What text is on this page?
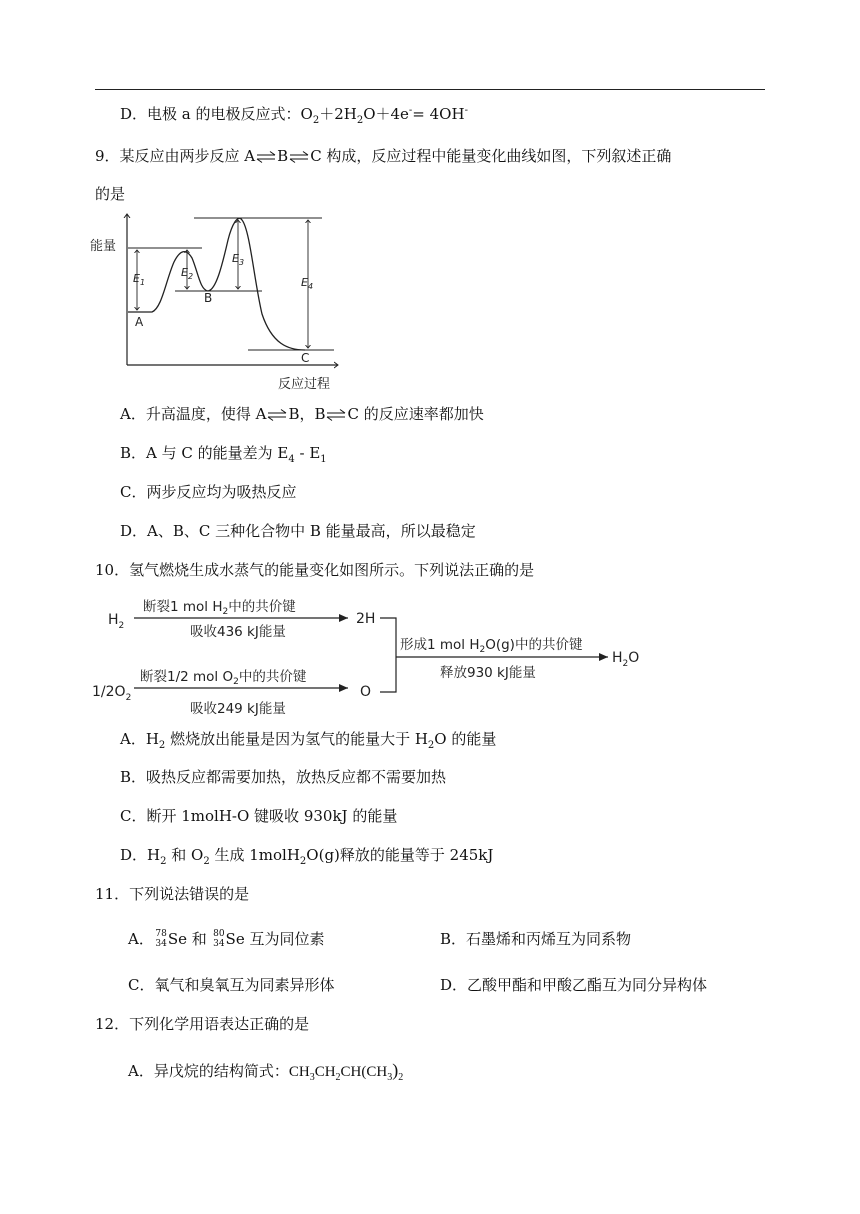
D．电极 a 的电极反应式：$O_2+2H_2O+4e^-= 4OH^-$
9．某反应由两步反应 A⇌B⇌C 构成，反应过程中能量变化曲线如图，下列叙述正确
的是
能量
反应过程
A
B
C
$E_1$
$E_2$
$E_3$
$E_4$
A．升高温度，使得 A⇌B，B⇌C 的反应速率都加快
B．A 与 C 的能量差为 $E_4 - E_1$
C．两步反应均为吸热反应
D．A、B、C 三种化合物中 B 能量最高，所以最稳定
10．氢气燃烧生成水蒸气的能量变化如图所示。下列说法正确的是
$H_2$
断裂1 mol $H_2$中的共价键
吸收436 kJ能量
2H
$1/2O_2$
断裂1/2 mol $O_2$中的共价键
吸收249 kJ能量
O
形成1 mol $H_2O(g)$中的共价键
释放930 kJ能量
$H_2O$
A．$H_2$ 燃烧放出能量是因为氢气的能量大于 $H_2O$ 的能量
B．吸热反应都需要加热，放热反应都不需要加热
C．断开 1molH-O 键吸收 930kJ 的能量
D．$H_2$ 和 $O_2$ 生成 1molH$_2$O(g)释放的能量等于 245kJ
11．下列说法错误的是
A． 78
34 Se 和 80
34 Se 互为同位素	B．石墨烯和丙烯互为同系物
C．氧气和臭氧互为同素异形体	D．乙酸甲酯和甲酸乙酯互为同分异构体
12．下列化学用语表达正确的是
A．异戊烷的结构简式：$CH_3CH_2CH(CH_3)_2$
